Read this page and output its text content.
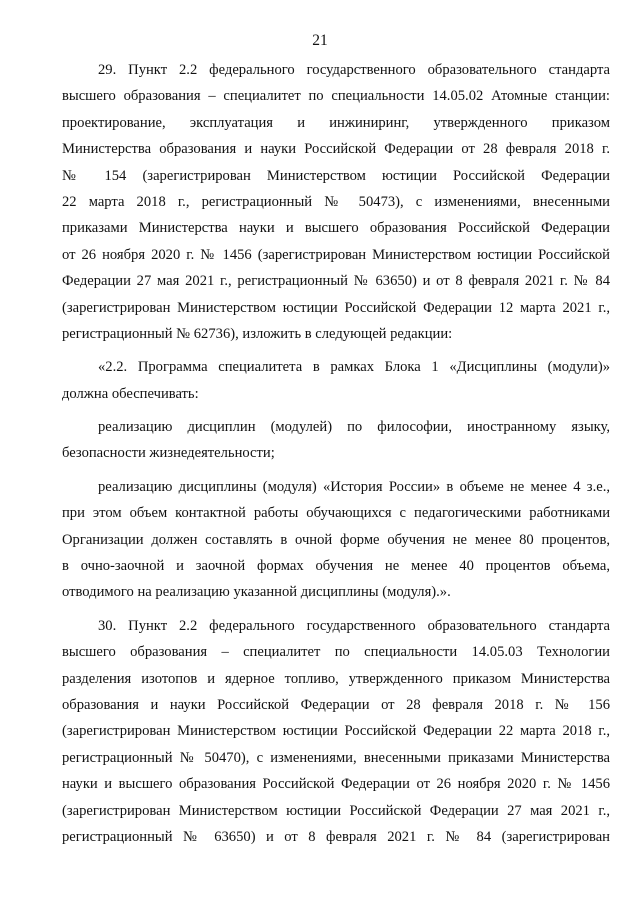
21
29. Пункт 2.2 федерального государственного образовательного стандарта
высшего образования – специалитет по специальности 14.05.02 Атомные станции:
проектирование, эксплуатация и инжиниринг, утвержденного приказом
Министерства образования и науки Российской Федерации от 28 февраля 2018 г.
№ 154 (зарегистрирован Министерством юстиции Российской Федерации
22 марта 2018 г., регистрационный № 50473), с изменениями, внесенными
приказами Министерства науки и высшего образования Российской Федерации
от 26 ноября 2020 г. № 1456 (зарегистрирован Министерством юстиции Российской
Федерации 27 мая 2021 г., регистрационный № 63650) и от 8 февраля 2021 г. № 84
(зарегистрирован Министерством юстиции Российской Федерации 12 марта 2021 г.,
регистрационный № 62736), изложить в следующей редакции:
«2.2. Программа специалитета в рамках Блока 1 «Дисциплины (модули)»
должна обеспечивать:
реализацию дисциплин (модулей) по философии, иностранному языку,
безопасности жизнедеятельности;
реализацию дисциплины (модуля) «История России» в объеме не менее 4 з.е.,
при этом объем контактной работы обучающихся с педагогическими работниками
Организации должен составлять в очной форме обучения не менее 80 процентов,
в очно-заочной и заочной формах обучения не менее 40 процентов объема,
отводимого на реализацию указанной дисциплины (модуля).».
30. Пункт 2.2 федерального государственного образовательного стандарта
высшего образования – специалитет по специальности 14.05.03 Технологии
разделения изотопов и ядерное топливо, утвержденного приказом Министерства
образования и науки Российской Федерации от 28 февраля 2018 г. № 156
(зарегистрирован Министерством юстиции Российской Федерации 22 марта 2018 г.,
регистрационный № 50470), с изменениями, внесенными приказами Министерства
науки и высшего образования Российской Федерации от 26 ноября 2020 г. № 1456
(зарегистрирован Министерством юстиции Российской Федерации 27 мая 2021 г.,
регистрационный № 63650) и от 8 февраля 2021 г. № 84 (зарегистрирован
